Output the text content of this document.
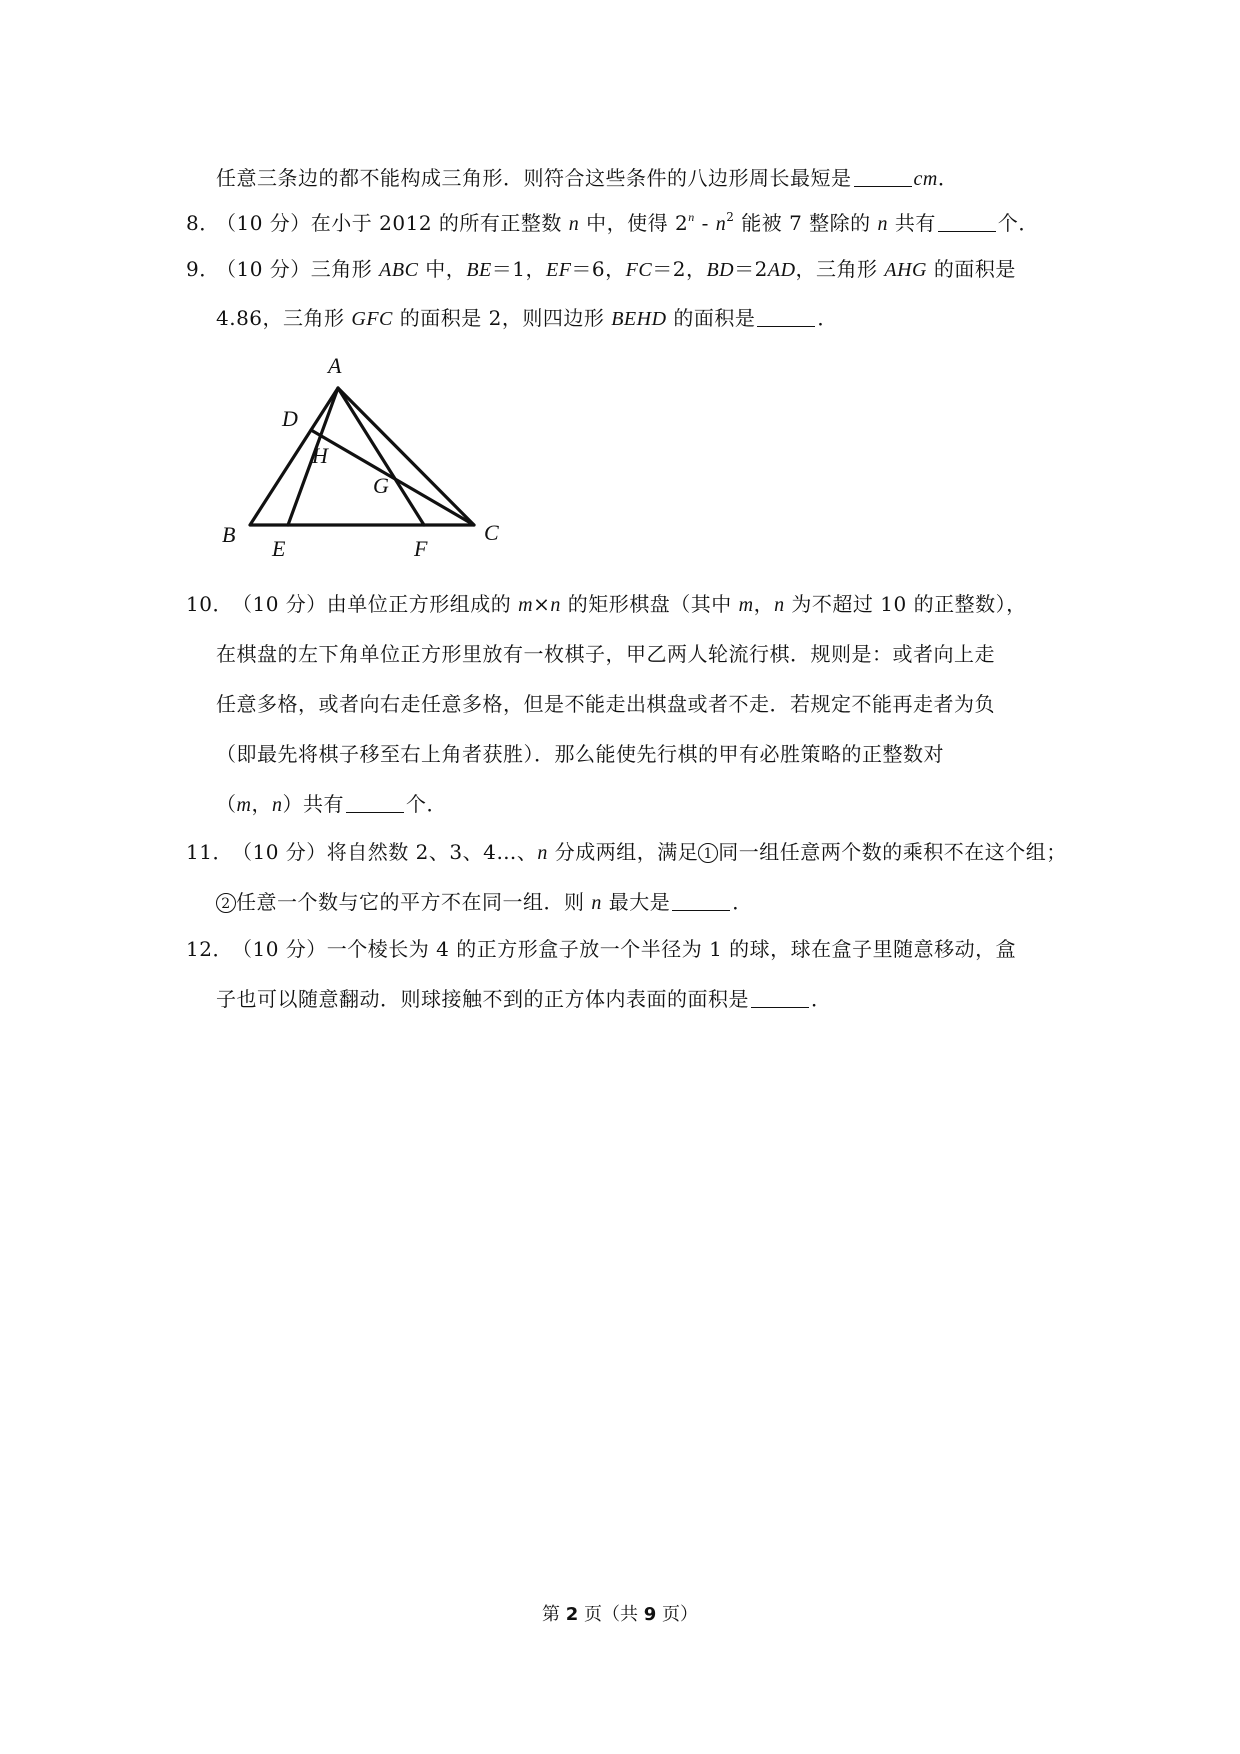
任意三条边的都不能构成三角形．则符合这些条件的八边形周长最短是	cm．
8．
（10 分）在小于 2012 的所有正整数 n 中，使得 $2^n - n^2$ 能被 7 整除的 n 共有	个．
9．
（10 分）三角形 ABC 中，BE＝1，EF＝6，FC＝2，BD＝2AD，三角形 AHG 的面积是
4.86，三角形 GFC 的面积是 2，则四边形 BEHD 的面积是	．
A
D
H
G
B
E	F
C
10． （10 分）由单位正方形组成的 m×n 的矩形棋盘（其中 m，n 为不超过 10 的正整数），
在棋盘的左下角单位正方形里放有一枚棋子，甲乙两人轮流行棋．规则是：或者向上走
任意多格，或者向右走任意多格，但是不能走出棋盘或者不走．若规定不能再走者为负
（即最先将棋子移至右上角者获胜）．那么能使先行棋的甲有必胜策略的正整数对
（m，n）共有	个．
11． （10 分）将自然数 2、3、4…、n 分成两组，满足 1 同一组任意两个数的乘积不在这个组；
2 任意一个数与它的平方不在同一组．则 n 最大是	．
12． （10 分）一个棱长为 4 的正方形盒子放一个半径为 1 的球，球在盒子里随意移动，盒
子也可以随意翻动．则球接触不到的正方体内表面的面积是	．
第 2 页（共 9 页）
